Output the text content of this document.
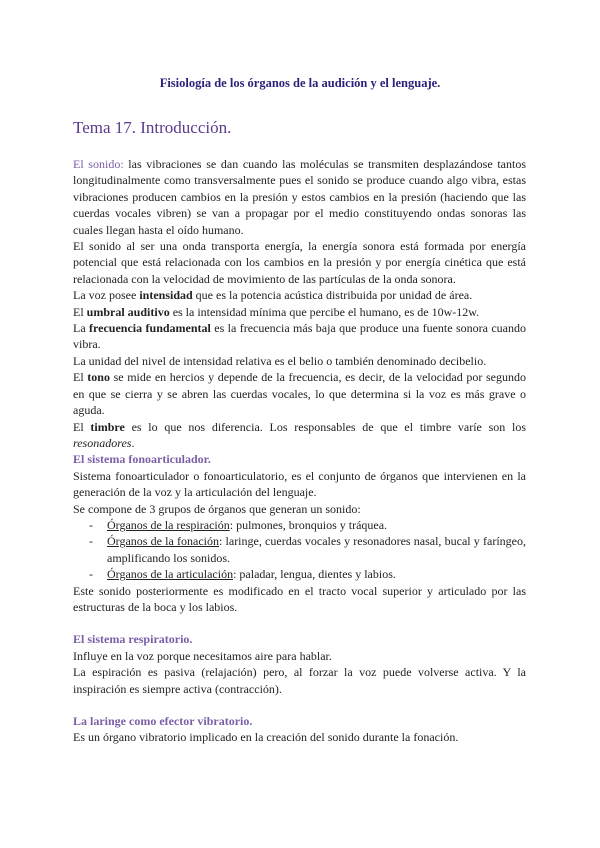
Fisiología de los órganos de la audición y el lenguaje.
Tema 17. Introducción.

El sonido: las vibraciones se dan cuando las moléculas se transmiten desplazándose tantos longitudinalmente como transversalmente pues el sonido se produce cuando algo vibra, estas vibraciones producen cambios en la presión y estos cambios en la presión (haciendo que las cuerdas vocales vibren) se van a propagar por el medio constituyendo ondas sonoras las cuales llegan hasta el oído humano.

El sonido al ser una onda transporta energía, la energía sonora está formada por energía potencial que está relacionada con los cambios en la presión y por energía cinética que está relacionada con la velocidad de movimiento de las partículas de la onda sonora.

La voz posee intensidad que es la potencia acústica distribuida por unidad de área.

El umbral auditivo es la intensidad mínima que percibe el humano, es de 10w-12w.

La frecuencia fundamental es la frecuencia más baja que produce una fuente sonora cuando vibra.

La unidad del nivel de intensidad relativa es el belio o también denominado decibelio.

El tono se mide en hercios y depende de la frecuencia, es decir, de la velocidad por segundo en que se cierra y se abren las cuerdas vocales, lo que determina si la voz es más grave o aguda.

El timbre es lo que nos diferencia. Los responsables de que el timbre varíe son los resonadores.

El sistema fonoarticulador.

Sistema fonoarticulador o fonoarticulatorio, es el conjunto de órganos que intervienen en la generación de la voz y la articulación del lenguaje.

Se compone de 3 grupos de órganos que generan un sonido:

- Órganos de la respiración: pulmones, bronquios y tráquea.
- Órganos de la fonación: laringe, cuerdas vocales y resonadores nasal, bucal y faríngeo, amplificando los sonidos.
- Órganos de la articulación: paladar, lengua, dientes y labios.

Este sonido posteriormente es modificado en el tracto vocal superior y articulado por las estructuras de la boca y los labios.

El sistema respiratorio.

Influye en la voz porque necesitamos aire para hablar.

La espiración es pasiva (relajación) pero, al forzar la voz puede volverse activa. Y la inspiración es siempre activa (contracción).

La laringe como efector vibratorio.

Es un órgano vibratorio implicado en la creación del sonido durante la fonación.
